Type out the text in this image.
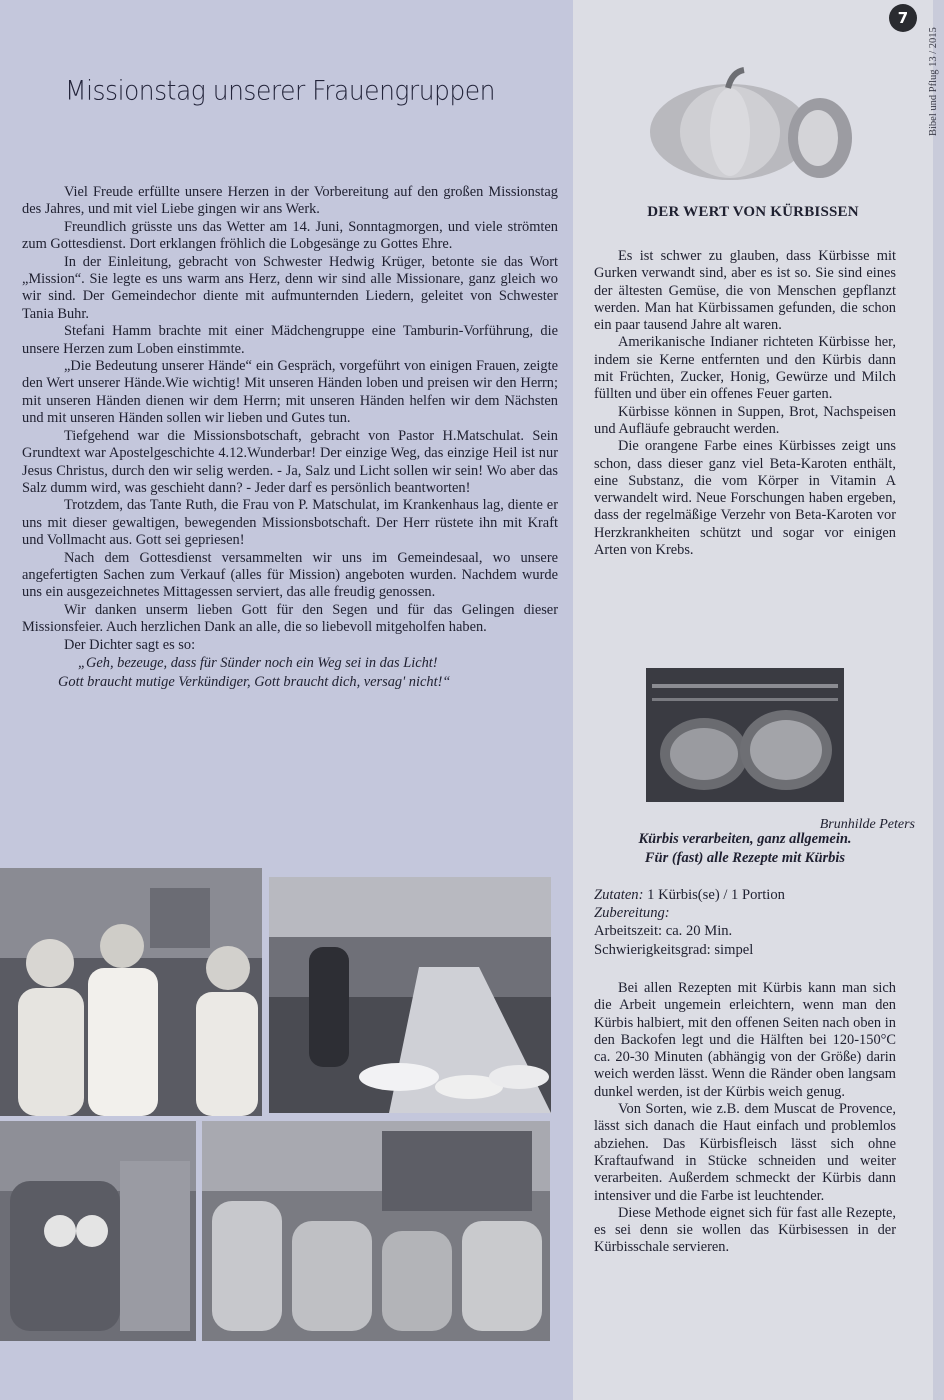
Missionstag unserer Frauengruppen

Viel Freude erfüllte unsere Herzen in der Vorbereitung auf den großen Missionstag des Jahres, und mit viel Liebe gingen wir ans Werk.

Freundlich grüsste uns das Wetter am 14. Juni, Sonntagmorgen, und viele strömten zum Gottesdienst. Dort erklangen fröhlich die Lobgesänge zu Gottes Ehre.

In der Einleitung, gebracht von Schwester Hedwig Krüger, betonte sie das Wort „Mission“. Sie legte es uns warm ans Herz, denn wir sind alle Missionare, ganz gleich wo wir sind. Der Gemeindechor diente mit aufmunternden Liedern, geleitet von Schwester Tania Buhr.

Stefani Hamm brachte mit einer Mädchengruppe eine Tamburin-Vorführung, die unsere Herzen zum Loben einstimmte.

„Die Bedeutung unserer Hände“ ein Gespräch, vorgeführt von einigen Frauen, zeigte den Wert unserer Hände.Wie wichtig! Mit unseren Händen loben und preisen wir den Herrn; mit unseren Händen dienen wir dem Herrn; mit unseren Händen helfen wir dem Nächsten und mit unseren Händen sollen wir lieben und Gutes tun.

Tiefgehend war die Missionsbotschaft, gebracht von Pastor H.Matschulat. Sein Grundtext war Apostelgeschichte 4.12.Wunderbar! Der einzige Weg, das einzige Heil ist nur Jesus Christus, durch den wir selig werden. - Ja, Salz und Licht sollen wir sein! Wo aber das Salz dumm wird, was geschieht dann? - Jeder darf es persönlich beantworten!

Trotzdem, das Tante Ruth, die Frau von P. Matschulat, im Krankenhaus lag, diente er uns mit dieser gewaltigen, bewegenden Missionsbotschaft. Der Herr rüstete ihn mit Kraft und Vollmacht aus. Gott sei gepriesen!

Nach dem Gottesdienst versammelten wir uns im Gemeindesaal, wo unsere angefertigten Sachen zum Verkauf (alles für Mission) angeboten wurden. Nachdem wurde uns ein ausgezeichnetes Mittagessen serviert, das alle freudig genossen.

Wir danken unserm lieben Gott für den Segen und für das Gelingen dieser Missionsfeier. Auch herzlichen Dank an alle, die so liebevoll mitgeholfen haben.

Der Dichter sagt es so:

„Geh, bezeuge, dass für Sünder noch ein Weg sei in das Licht!
Gott braucht mutige Verkündiger, Gott braucht dich, versag' nicht!“
Brunhilde Peters
7
Bibel und Pflug 13 / 2015
DER WERT VON KÜRBISSEN

Es ist schwer zu glauben, dass Kürbisse mit Gurken verwandt sind, aber es ist so. Sie sind eines der ältesten Gemüse, die von Menschen gepflanzt werden. Man hat Kürbissamen gefunden, die schon ein paar tausend Jahre alt waren.

Amerikanische Indianer richteten Kürbisse her, indem sie Kerne entfernten und den Kürbis dann mit Früchten, Zucker, Honig, Gewürze und Milch füllten und über ein offenes Feuer garten.

Kürbisse können in Suppen, Brot, Nachspeisen und Aufläufe gebraucht werden.

Die orangene Farbe eines Kürbisses zeigt uns schon, dass dieser ganz viel Beta-Karoten enthält, eine Substanz, die vom Körper in Vitamin A verwandelt wird. Neue Forschungen haben ergeben, dass der regelmäßige Verzehr von Beta-Karoten vor Herzkrankheiten schützt und sogar vor einigen Arten von Krebs.

Kürbis verarbeiten, ganz allgemein.
Für (fast) alle Rezepte mit Kürbis
Zutaten: 1 Kürbis(se) / 1 Portion
Zubereitung:
Arbeitszeit: ca. 20 Min.
Schwierigkeitsgrad: simpel

Bei allen Rezepten mit Kürbis kann man sich die Arbeit ungemein erleichtern, wenn man den Kürbis halbiert, mit den offenen Seiten nach oben in den Backofen legt und die Hälften bei 120-150°C ca. 20-30 Minuten (abhängig von der Größe) darin weich werden lässt. Wenn die Ränder oben langsam dunkel werden, ist der Kürbis weich genug.

Von Sorten, wie z.B. dem Muscat de Provence, lässt sich danach die Haut einfach und problemlos abziehen. Das Kürbisfleisch lässt sich ohne Kraftaufwand in Stücke schneiden und weiter verarbeiten. Außerdem schmeckt der Kürbis dann intensiver und die Farbe ist leuchtender.

Diese Methode eignet sich für fast alle Rezepte, es sei denn sie wollen das Kürbisessen in der Kürbisschale servieren.
